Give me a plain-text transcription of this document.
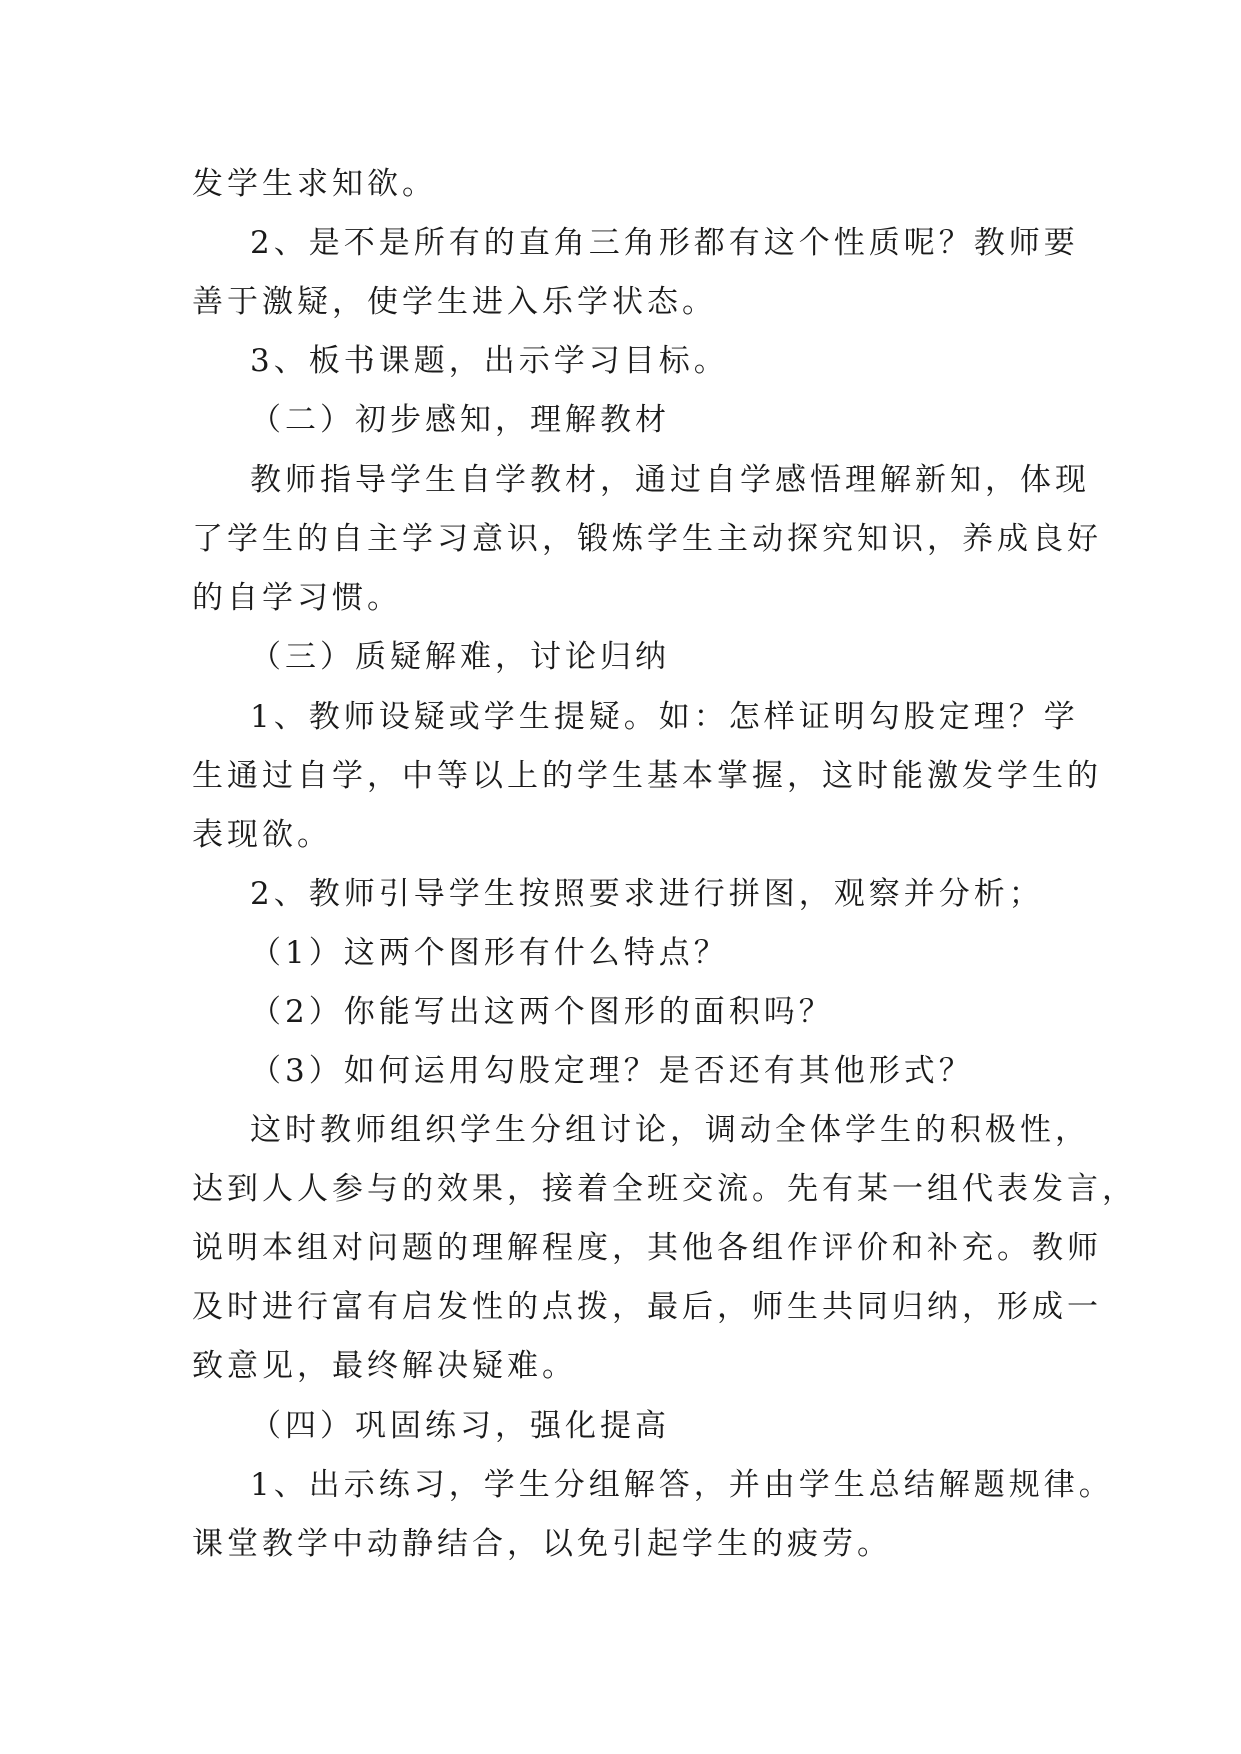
发学生求知欲。
2、是不是所有的直角三角形都有这个性质呢？教师要
善于激疑，使学生进入乐学状态。
3、板书课题，出示学习目标。
（二）初步感知，理解教材
教师指导学生自学教材，通过自学感悟理解新知，体现
了学生的自主学习意识，锻炼学生主动探究知识，养成良好
的自学习惯。
（三）质疑解难，讨论归纳
1、教师设疑或学生提疑。如：怎样证明勾股定理？学
生通过自学，中等以上的学生基本掌握，这时能激发学生的
表现欲。
2、教师引导学生按照要求进行拼图，观察并分析；
（1）这两个图形有什么特点？
（2）你能写出这两个图形的面积吗？
（3）如何运用勾股定理？是否还有其他形式？
这时教师组织学生分组讨论，调动全体学生的积极性，
达到人人参与的效果，接着全班交流。先有某一组代表发言，
说明本组对问题的理解程度，其他各组作评价和补充。教师
及时进行富有启发性的点拨，最后，师生共同归纳，形成一
致意见，最终解决疑难。
（四）巩固练习，强化提高
1、出示练习，学生分组解答，并由学生总结解题规律。
课堂教学中动静结合，以免引起学生的疲劳。
